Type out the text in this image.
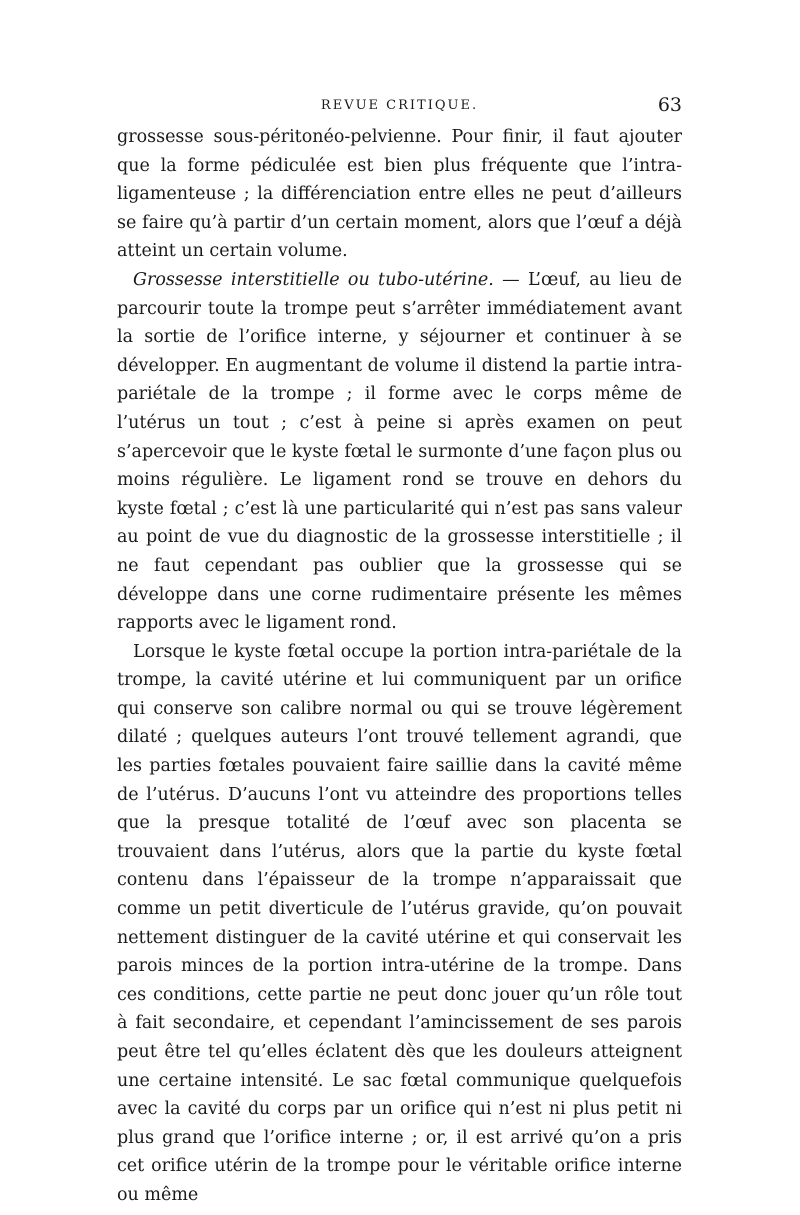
REVUE CRITIQUE.	63

grossesse sous-péritonéo-pelvienne. Pour finir, il faut ajouter que la forme pédiculée est bien plus fréquente que l’intra-ligamenteuse ; la différenciation entre elles ne peut d’ailleurs se faire qu’à partir d’un certain moment, alors que l’œuf a déjà atteint un certain volume.

Grossesse interstitielle ou tubo-utérine. — L’œuf, au lieu de parcourir toute la trompe peut s’arrêter immédiatement avant la sortie de l’orifice interne, y séjourner et continuer à se développer. En augmentant de volume il distend la partie intra-pariétale de la trompe ; il forme avec le corps même de l’utérus un tout ; c’est à peine si après examen on peut s’apercevoir que le kyste fœtal le surmonte d’une façon plus ou moins régulière. Le ligament rond se trouve en dehors du kyste fœtal ; c’est là une particularité qui n’est pas sans valeur au point de vue du diagnostic de la grossesse interstitielle ; il ne faut cependant pas oublier que la grossesse qui se développe dans une corne rudimentaire présente les mêmes rapports avec le ligament rond.

Lorsque le kyste fœtal occupe la portion intra-pariétale de la trompe, la cavité utérine et lui communiquent par un orifice qui conserve son calibre normal ou qui se trouve légèrement dilaté ; quelques auteurs l’ont trouvé tellement agrandi, que les parties fœtales pouvaient faire saillie dans la cavité même de l’utérus. D’aucuns l’ont vu atteindre des proportions telles que la presque totalité de l’œuf avec son placenta se trouvaient dans l’utérus, alors que la partie du kyste fœtal contenu dans l’épaisseur de la trompe n’apparaissait que comme un petit diverticule de l’utérus gravide, qu’on pouvait nettement distinguer de la cavité utérine et qui conservait les parois minces de la portion intra-utérine de la trompe. Dans ces conditions, cette partie ne peut donc jouer qu’un rôle tout à fait secondaire, et cependant l’amincissement de ses parois peut être tel qu’elles éclatent dès que les douleurs atteignent une certaine intensité. Le sac fœtal communique quelquefois avec la cavité du corps par un orifice qui n’est ni plus petit ni plus grand que l’orifice interne ; or, il est arrivé qu’on a pris cet orifice utérin de la trompe pour le véritable orifice interne ou même
